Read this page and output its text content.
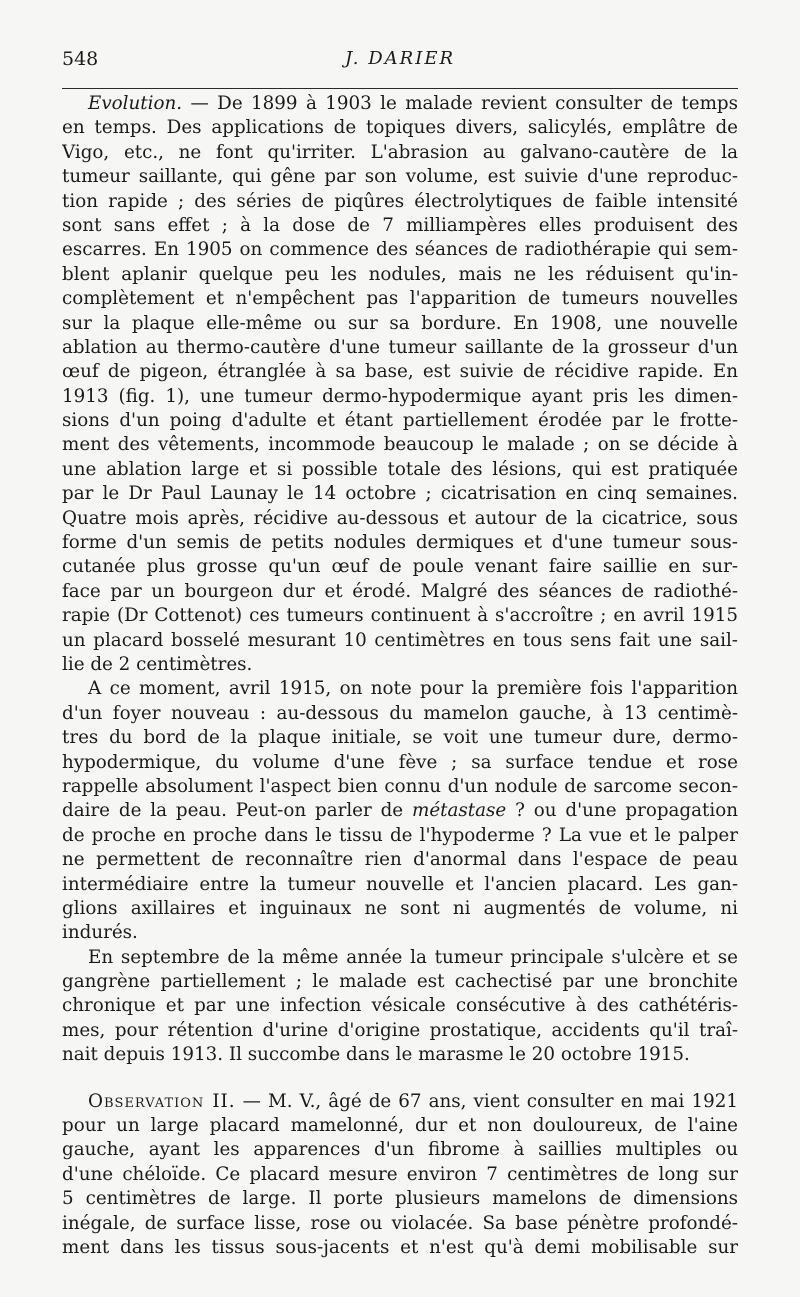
548	J. DARIER
Evolution. — De 1899 à 1903 le malade revient consulter de temps
en temps. Des applications de topiques divers, salicylés, emplâtre de
Vigo, etc., ne font qu'irriter. L'abrasion au galvano-cautère de la
tumeur saillante, qui gêne par son volume, est suivie d'une reproduc-
tion rapide ; des séries de piqûres électrolytiques de faible intensité
sont sans effet ; à la dose de 7 milliampères elles produisent des
escarres. En 1905 on commence des séances de radiothérapie qui sem-
blent aplanir quelque peu les nodules, mais ne les réduisent qu'in-
complètement et n'empêchent pas l'apparition de tumeurs nouvelles
sur la plaque elle-même ou sur sa bordure. En 1908, une nouvelle
ablation au thermo-cautère d'une tumeur saillante de la grosseur d'un
œuf de pigeon, étranglée à sa base, est suivie de récidive rapide. En
1913 (fig. 1), une tumeur dermo-hypodermique ayant pris les dimen-
sions d'un poing d'adulte et étant partiellement érodée par le frotte-
ment des vêtements, incommode beaucoup le malade ; on se décide à
une ablation large et si possible totale des lésions, qui est pratiquée
par le Dr Paul Launay le 14 octobre ; cicatrisation en cinq semaines.
Quatre mois après, récidive au-dessous et autour de la cicatrice, sous
forme d'un semis de petits nodules dermiques et d'une tumeur sous-
cutanée plus grosse qu'un œuf de poule venant faire saillie en sur-
face par un bourgeon dur et érodé. Malgré des séances de radiothé-
rapie (Dr Cottenot) ces tumeurs continuent à s'accroître ; en avril 1915
un placard bosselé mesurant 10 centimètres en tous sens fait une sail-
lie de 2 centimètres.
A ce moment, avril 1915, on note pour la première fois l'apparition
d'un foyer nouveau : au-dessous du mamelon gauche, à 13 centimè-
tres du bord de la plaque initiale, se voit une tumeur dure, dermo-
hypodermique, du volume d'une fève ; sa surface tendue et rose
rappelle absolument l'aspect bien connu d'un nodule de sarcome secon-
daire de la peau. Peut-on parler de métastase ? ou d'une propagation
de proche en proche dans le tissu de l'hypoderme ? La vue et le palper
ne permettent de reconnaître rien d'anormal dans l'espace de peau
intermédiaire entre la tumeur nouvelle et l'ancien placard. Les gan-
glions axillaires et inguinaux ne sont ni augmentés de volume, ni
indurés.
En septembre de la même année la tumeur principale s'ulcère et se
gangrène partiellement ; le malade est cachectisé par une bronchite
chronique et par une infection vésicale consécutive à des cathétéris-
mes, pour rétention d'urine d'origine prostatique, accidents qu'il traî-
nait depuis 1913. Il succombe dans le marasme le 20 octobre 1915.
Observation II. — M. V., âgé de 67 ans, vient consulter en mai 1921
pour un large placard mamelonné, dur et non douloureux, de l'aine
gauche, ayant les apparences d'un fibrome à saillies multiples ou
d'une chéloïde. Ce placard mesure environ 7 centimètres de long sur
5 centimètres de large. Il porte plusieurs mamelons de dimensions
inégale, de surface lisse, rose ou violacée. Sa base pénètre profondé-
ment dans les tissus sous-jacents et n'est qu'à demi mobilisable sur
